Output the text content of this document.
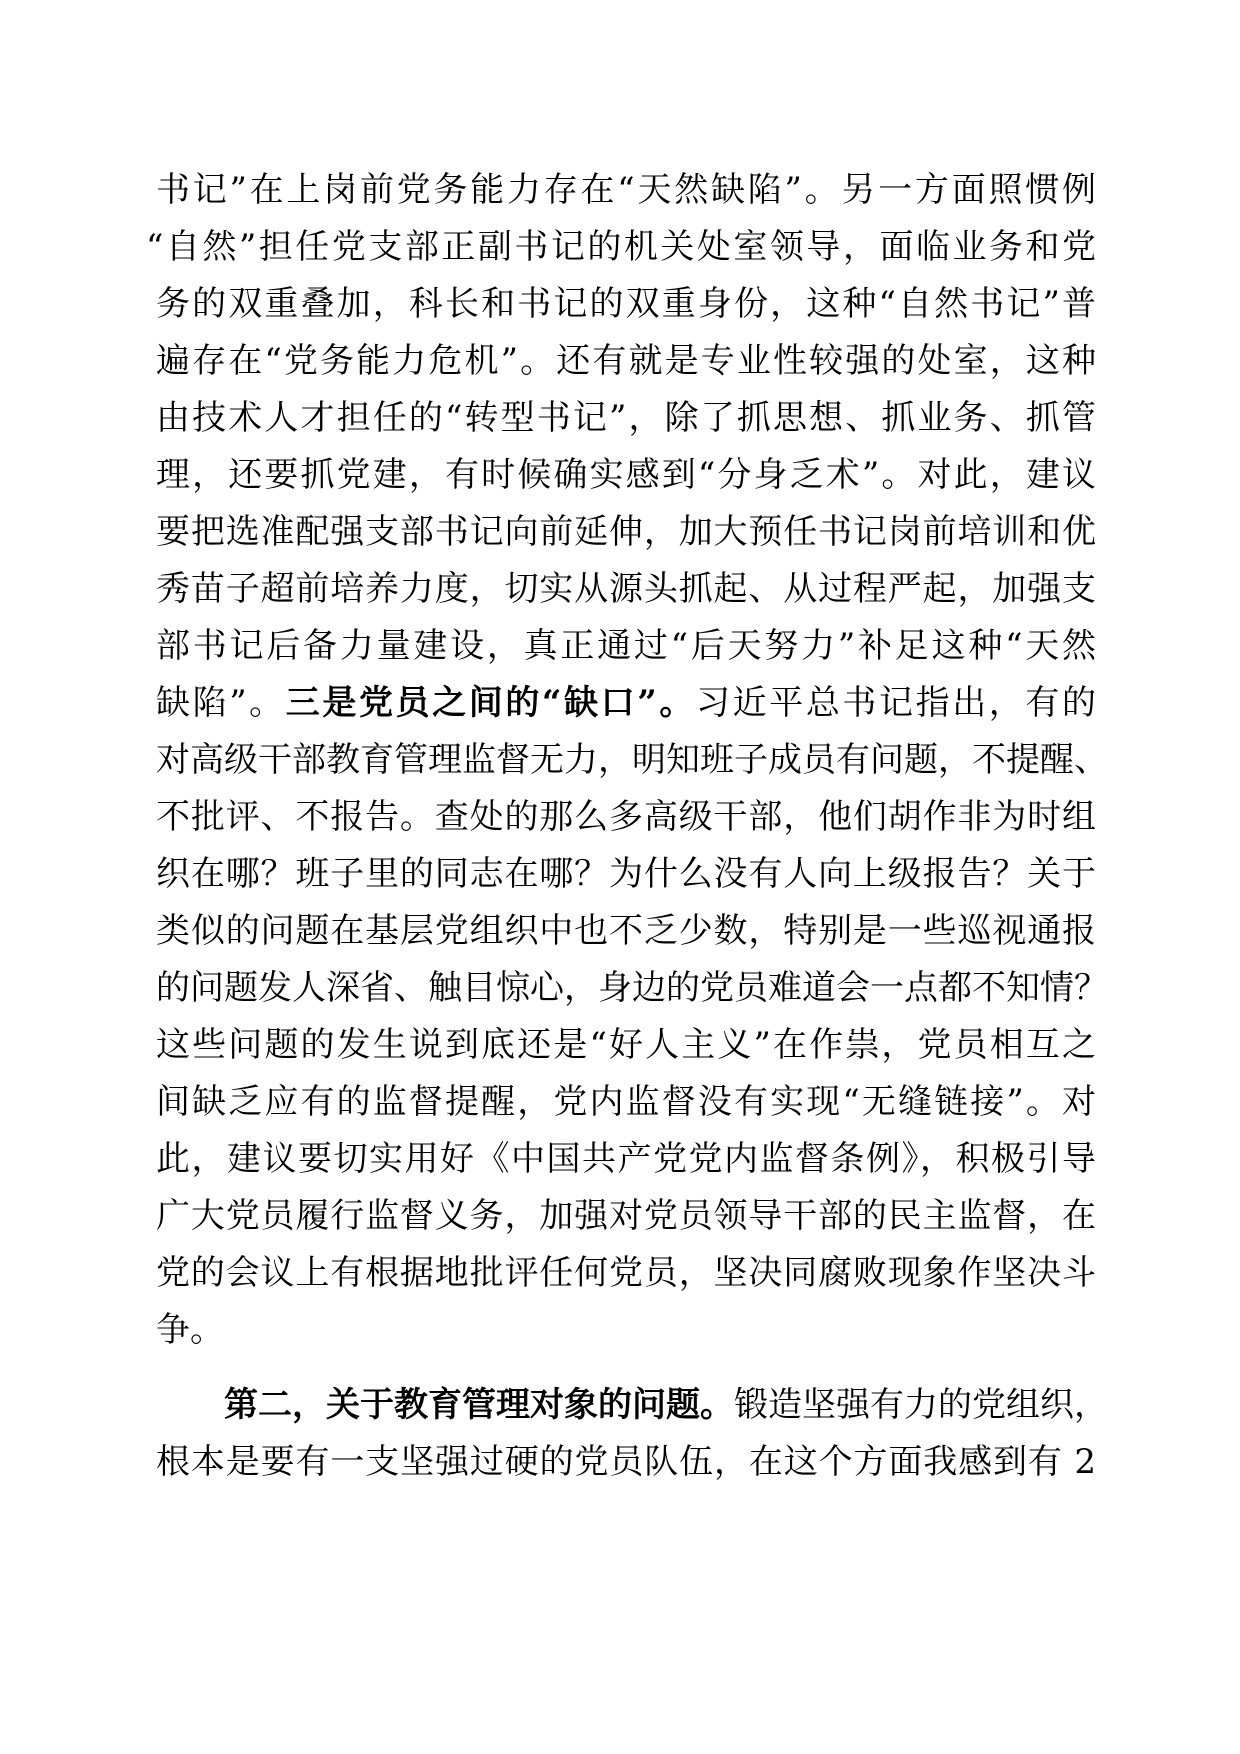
书记”在上岗前党务能力存在“天然缺陷”。另一方面照惯例
“自然”担任党支部正副书记的机关处室领导，面临业务和党
务的双重叠加，科长和书记的双重身份，这种“自然书记”普
遍存在“党务能力危机”。还有就是专业性较强的处室，这种
由技术人才担任的“转型书记”，除了抓思想、抓业务、抓管
理，还要抓党建，有时候确实感到“分身乏术”。对此，建议
要把选准配强支部书记向前延伸，加大预任书记岗前培训和优
秀苗子超前培养力度，切实从源头抓起、从过程严起，加强支
部书记后备力量建设，真正通过“后天努力”补足这种“天然
缺陷”。三是党员之间的“缺口”。习近平总书记指出，有的
对高级干部教育管理监督无力，明知班子成员有问题，不提醒、
不批评、不报告。查处的那么多高级干部，他们胡作非为时组
织在哪？班子里的同志在哪？为什么没有人向上级报告？关于
类似的问题在基层党组织中也不乏少数，特别是一些巡视通报
的问题发人深省、触目惊心，身边的党员难道会一点都不知情？
这些问题的发生说到底还是“好人主义”在作祟，党员相互之
间缺乏应有的监督提醒，党内监督没有实现“无缝链接”。对
此，建议要切实用好《中国共产党党内监督条例》，积极引导
广大党员履行监督义务，加强对党员领导干部的民主监督，在
党的会议上有根据地批评任何党员，坚决同腐败现象作坚决斗
争。
第二，关于教育管理对象的问题。锻造坚强有力的党组织，
根本是要有一支坚强过硬的党员队伍，在这个方面我感到有 2
